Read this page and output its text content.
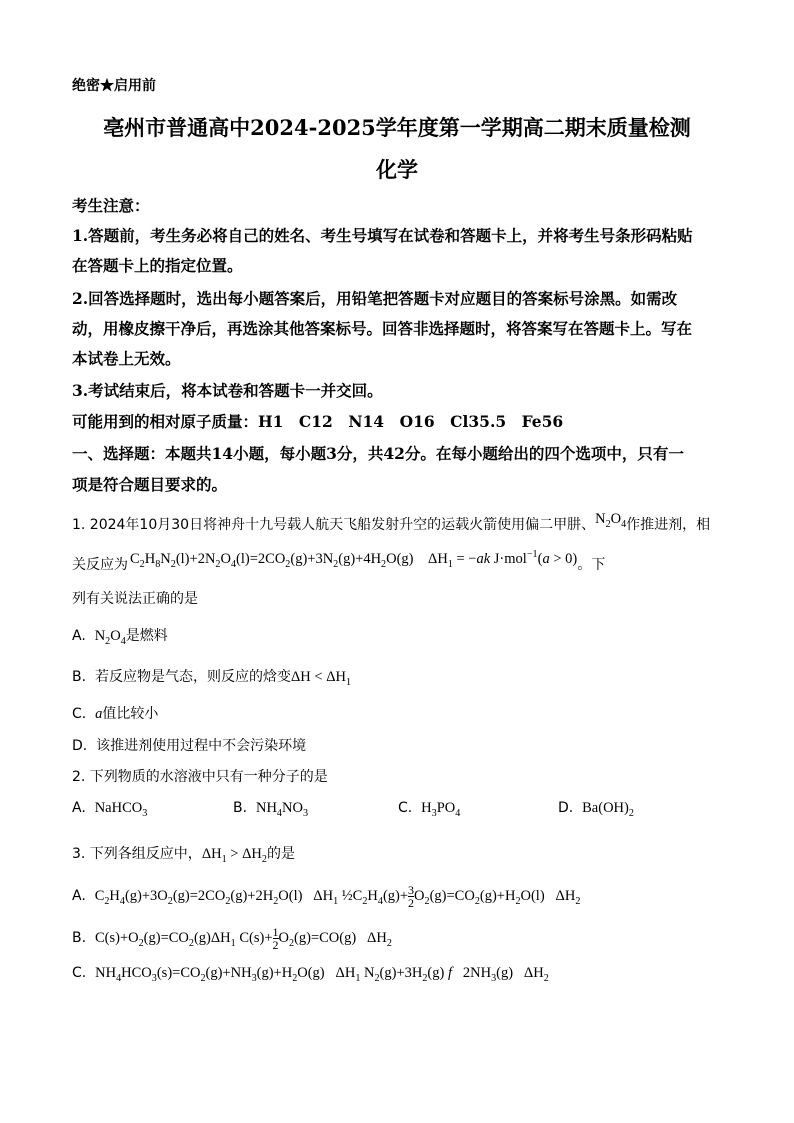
绝密★启用前
亳州市普通高中2024-2025学年度第一学期高二期末质量检测
化学
考生注意：
1.答题前，考生务必将自己的姓名、考生号填写在试卷和答题卡上，并将考生号条形码粘贴
在答题卡上的指定位置。
2.回答选择题时，选出每小题答案后，用铅笔把答题卡对应题目的答案标号涂黑。如需改
动，用橡皮擦干净后，再选涂其他答案标号。回答非选择题时，将答案写在答题卡上。写在
本试卷上无效。
3.考试结束后，将本试卷和答题卡一并交回。
可能用到的相对原子质量：H1　C12　N14　O16　Cl35.5　Fe56
一、选择题：本题共14小题，每小题3分，共42分。在每小题给出的四个选项中，只有一
项是符合题目要求的。
1. 2024年10月30日将神舟十九号载人航天飞船发射升空的运载火箭使用偏二甲肼、$N_2O_4$作推进剂，相
关反应为 $C_2H_8N_2(l)+2N_2O_4(l)=2CO_2(g)+3N_2(g)+4H_2O(g)$    $\Delta H_1 = -ak$ J·mol$^{-1}$(a > 0)。下
列有关说法正确的是
A. $N_2O_4$是燃料
B. 若反应物是气态，则反应的焓变$\Delta H < \Delta H_1$
C. a值比较小
D. 该推进剂使用过程中不会污染环境
2. 下列物质的水溶液中只有一种分子的是
A. NaHCO$_3$	B. $NH_4NO_3$	C. $H_3PO_4$	D. $Ba(OH)_2$
3. 下列各组反应中，$\Delta H_1 > \Delta H_2$的是
A. $C_2H_4(g)+3O_2(g)=2CO_2(g)+2H_2O(l)$   $\Delta H_1$ $\frac{1}{2}C_2H_4(g)+ \frac{3}{2} O_2(g)=CO_2(g)+H_2O(l)$   $\Delta H_2$
B. $C(s)+O_2(g)=CO_2(g)\Delta H_1$ $C(s)+ \frac{1}{2} O_2(g)=CO(g)$   $\Delta H_2$
C. $NH_4HCO_3(s)=CO_2(g)+NH_3(g)+H_2O(g)$   $\Delta H_1$ $N_2(g)+3H_2(g)$ f   $2NH_3(g)$   $\Delta H_2$
